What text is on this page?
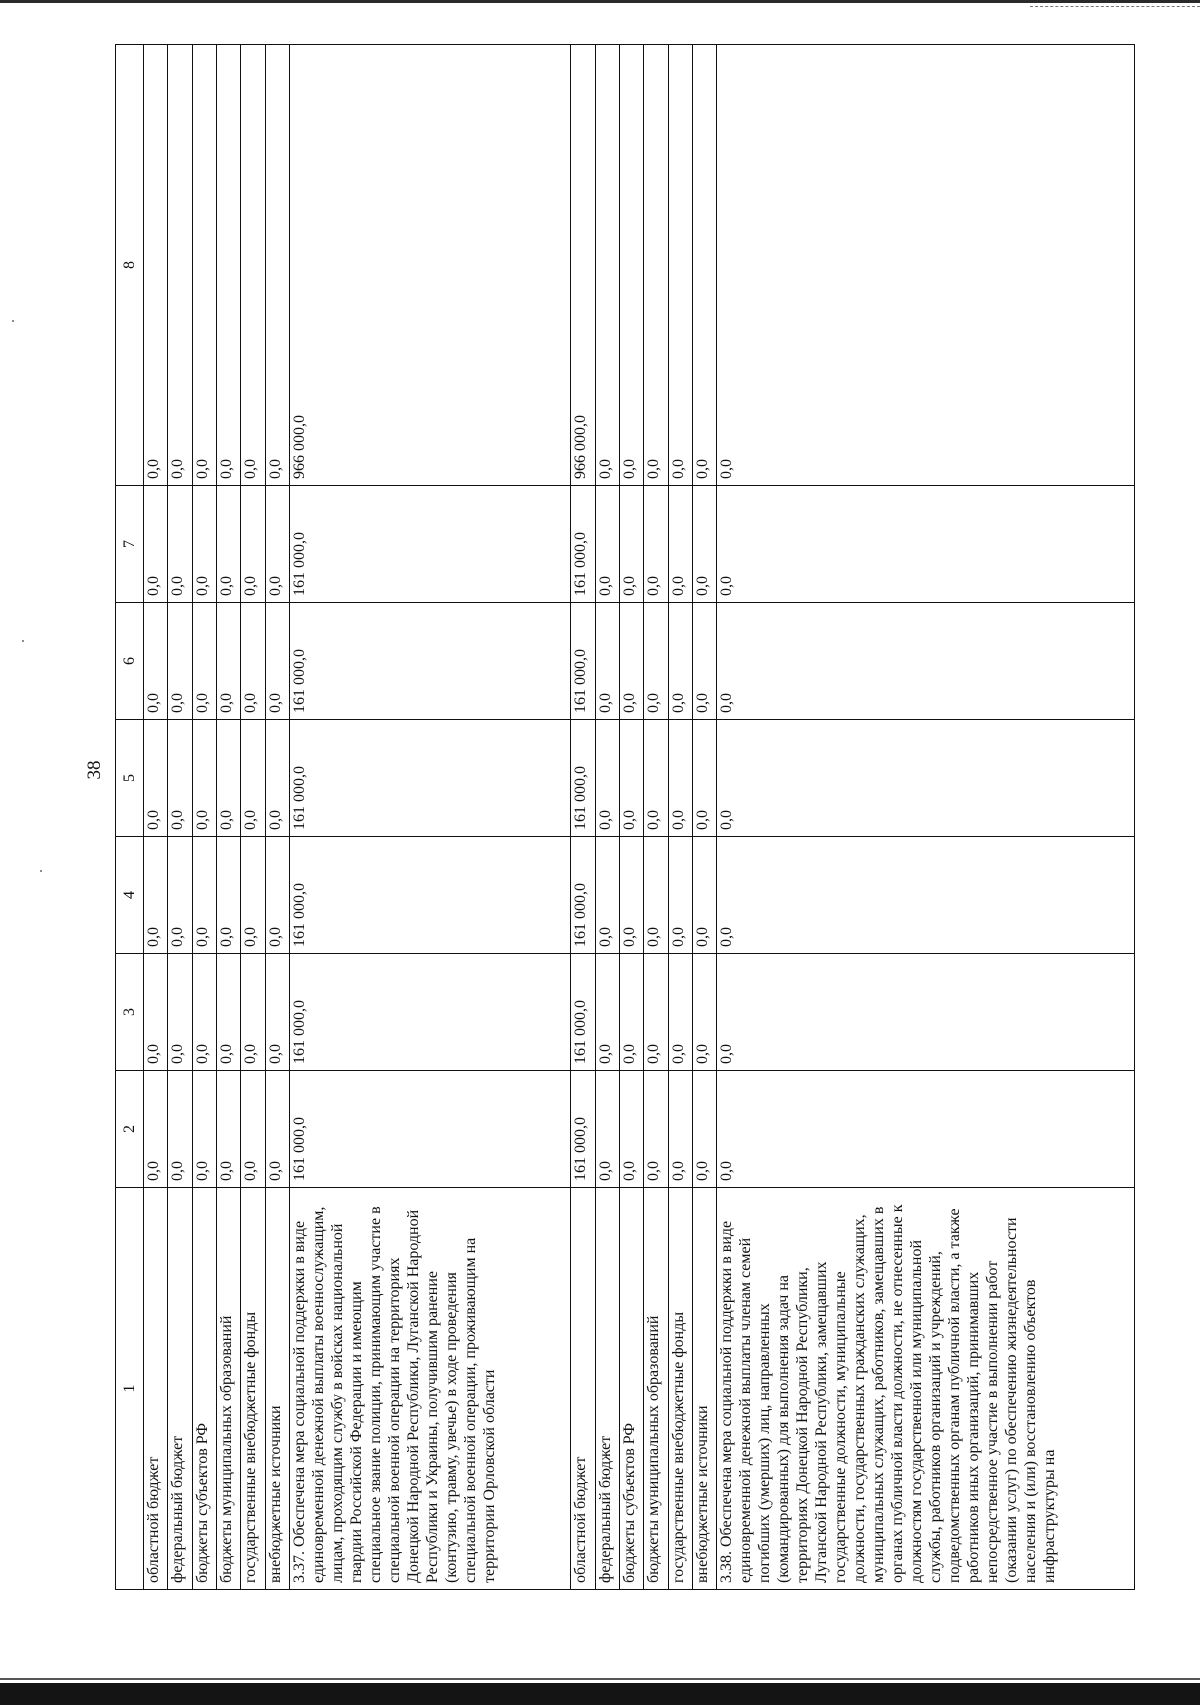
38
1	2	3	4	5	6	7	8
областной бюджет	0,0	0,0	0,0	0,0	0,0	0,0	0,0
федеральный бюджет	0,0	0,0	0,0	0,0	0,0	0,0	0,0
бюджеты субъектов РФ	0,0	0,0	0,0	0,0	0,0	0,0	0,0
бюджеты муниципальных образований	0,0	0,0	0,0	0,0	0,0	0,0	0,0
государственные внебюджетные фонды	0,0	0,0	0,0	0,0	0,0	0,0	0,0
внебюджетные источники	0,0	0,0	0,0	0,0	0,0	0,0	0,0
3.37. Обеспечена мера социальной поддержки в виде единовременной денежной выплаты военнослужащим, лицам, проходящим службу в войсках национальной гвардии Российской Федерации и имеющим специальное звание полиции, принимающим участие в специальной военной операции на территориях Донецкой Народной Республики, Луганской Народной Республики и Украины, получившим ранение (контузию, травму, увечье) в ходе проведения специальной военной операции, проживающим на территории Орловской области	161 000,0	161 000,0	161 000,0	161 000,0	161 000,0	161 000,0	966 000,0
областной бюджет	161 000,0	161 000,0	161 000,0	161 000,0	161 000,0	161 000,0	966 000,0
федеральный бюджет	0,0	0,0	0,0	0,0	0,0	0,0	0,0
бюджеты субъектов РФ	0,0	0,0	0,0	0,0	0,0	0,0	0,0
бюджеты муниципальных образований	0,0	0,0	0,0	0,0	0,0	0,0	0,0
государственные внебюджетные фонды	0,0	0,0	0,0	0,0	0,0	0,0	0,0
внебюджетные источники	0,0	0,0	0,0	0,0	0,0	0,0	0,0
3.38. Обеспечена мера социальной поддержки в виде единовременной денежной выплаты членам семей погибших (умерших) лиц, направленных (командированных) для выполнения задач на территориях Донецкой Народной Республики, Луганской Народной Республики, замещавших государственные должности, муниципальные должности, государственных гражданских служащих, муниципальных служащих, работников, замещавших в органах публичной власти должности, не отнесенные к должностям государственной или муниципальной службы, работников организаций и учреждений, подведомственных органам публичной власти, а также работников иных организаций, принимавших непосредственное участие в выполнении работ (оказании услуг) по обеспечению жизнедеятельности населения и (или) восстановлению объектов инфраструктуры на	0,0	0,0	0,0	0,0	0,0	0,0	0,0
